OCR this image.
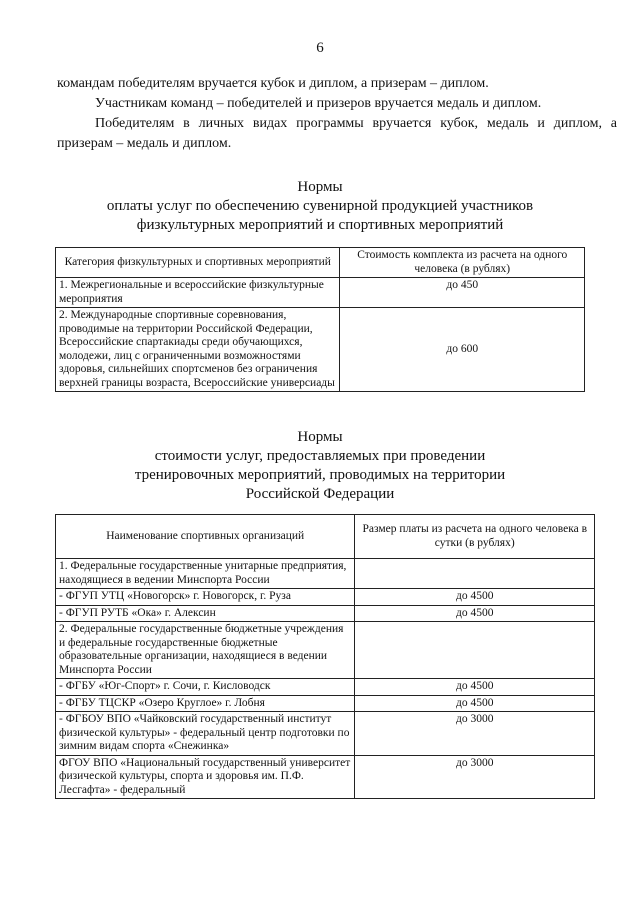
6

командам победителям вручается кубок и диплом, а призерам – диплом.

Участникам команд – победителей и призеров вручается медаль и диплом.

Победителям в личных видах программы вручается кубок, медаль и диплом, а призерам – медаль и диплом.

Нормы
оплаты услуг по обеспечению сувенирной продукцией участников
физкультурных мероприятий и спортивных мероприятий
Категория физкультурных и спортивных мероприятий	Стоимость комплекта из расчета на одного человека (в рублях)
1. Межрегиональные и всероссийские физкультурные мероприятия	до 450
2. Международные спортивные соревнования, проводимые на территории Российской Федерации, Всероссийские спартакиады среди обучающихся, молодежи, лиц с ограниченными возможностями здоровья, сильнейших спортсменов без ограничения верхней границы возраста, Всероссийские универсиады	до 600
Нормы
стоимости услуг, предоставляемых при проведении
тренировочных мероприятий, проводимых на территории
Российской Федерации
Наименование спортивных организаций	Размер платы из расчета на одного человека в сутки (в рублях)
1. Федеральные государственные унитарные предприятия, находящиеся в ведении Минспорта России	
- ФГУП УТЦ «Новогорск» г. Новогорск, г. Руза	до 4500
- ФГУП РУТБ «Ока» г. Алексин	до 4500
2. Федеральные государственные бюджетные учреждения и федеральные государственные бюджетные образовательные организации, находящиеся в ведении Минспорта России	
- ФГБУ «Юг-Спорт» г. Сочи, г. Кисловодск	до 4500
- ФГБУ ТЦСКР «Озеро Круглое» г. Лобня	до 4500
- ФГБОУ ВПО «Чайковский государственный институт физической культуры» - федеральный центр подготовки по зимним видам спорта «Снежинка»	до 3000
ФГОУ ВПО «Национальный государственный университет физической культуры, спорта и здоровья им. П.Ф. Лесгафта» - федеральный	до 3000
